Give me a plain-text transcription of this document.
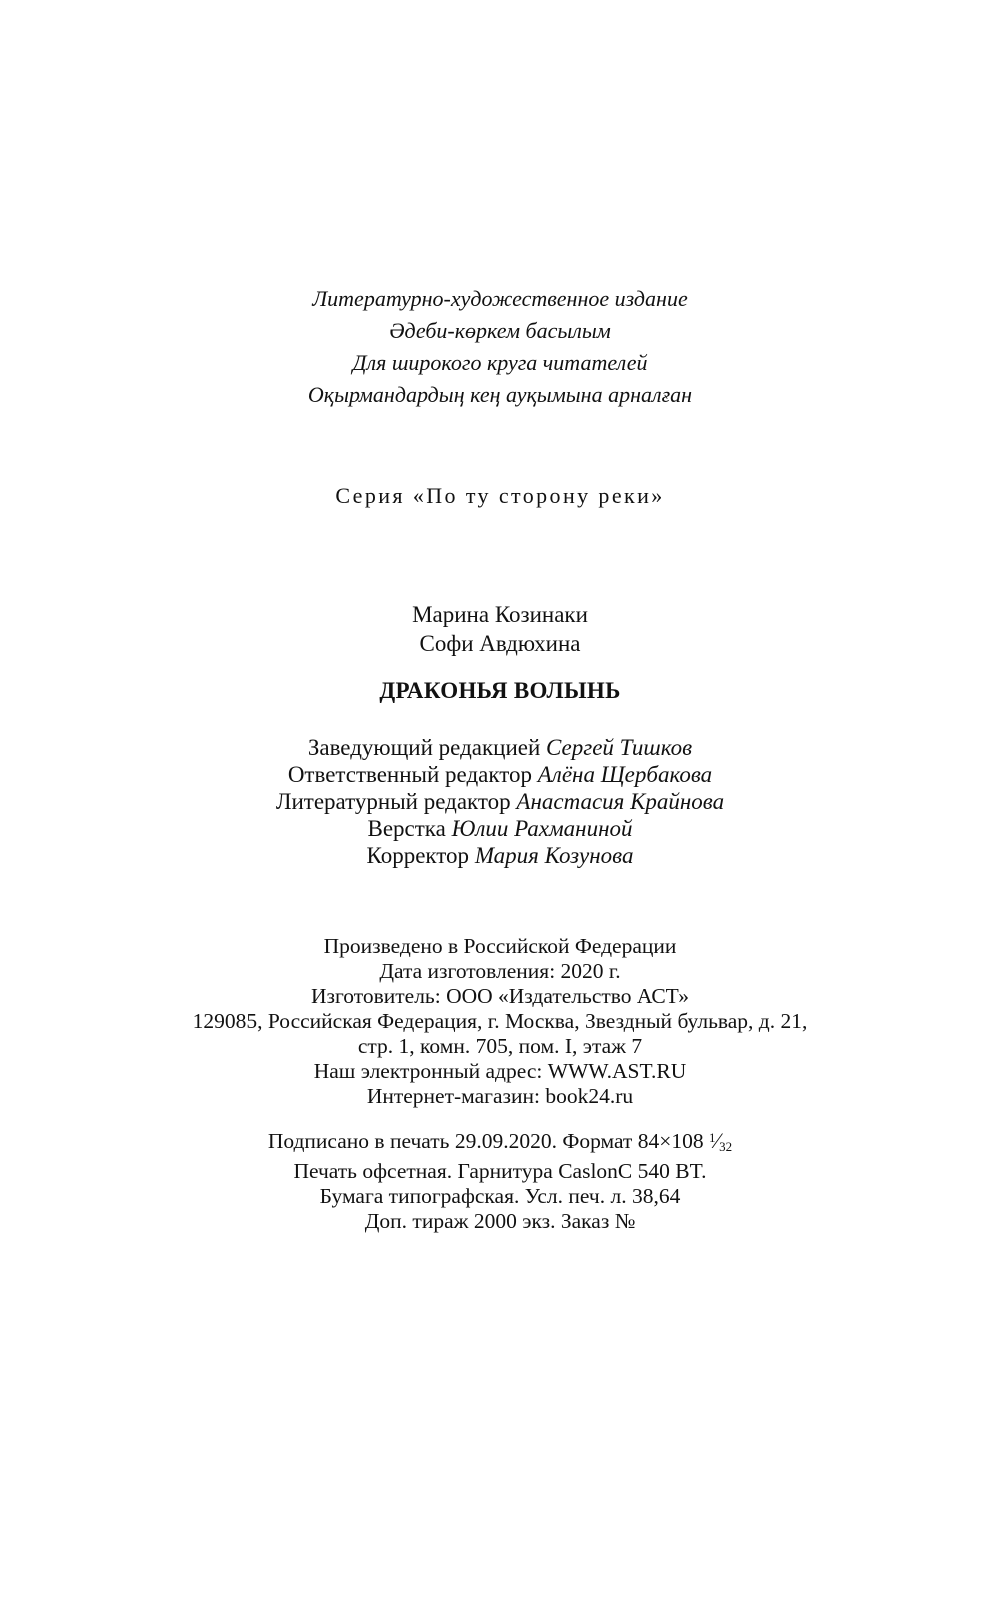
Литературно-художественное издание
Әдеби-көркем басылым
Для широкого круга читателей
Оқырмандардың кең ауқымына арналған
Серия «По ту сторону реки»
Марина Козинаки
Софи Авдюхина
ДРАКОНЬЯ ВОЛЫНЬ
Заведующий редакцией Сергей Тишков
Ответственный редактор Алёна Щербакова
Литературный редактор Анастасия Крайнова
Верстка Юлии Рахманиной
Корректор Мария Козунова
Произведено в Российской Федерации
Дата изготовления: 2020 г.
Изготовитель: ООО «Издательство АСТ»
129085, Российская Федерация, г. Москва, Звездный бульвар, д. 21,
стр. 1, комн. 705, пом. I, этаж 7
Наш электронный адрес: WWW.AST.RU
Интернет-магазин: book24.ru
Подписано в печать 29.09.2020. Формат 84×108 $^1$⁄32
Печать офсетная. Гарнитура CaslonC 540 BT.
Бумага типографская. Усл. печ. л. 38,64
Доп. тираж 2000 экз. Заказ №
